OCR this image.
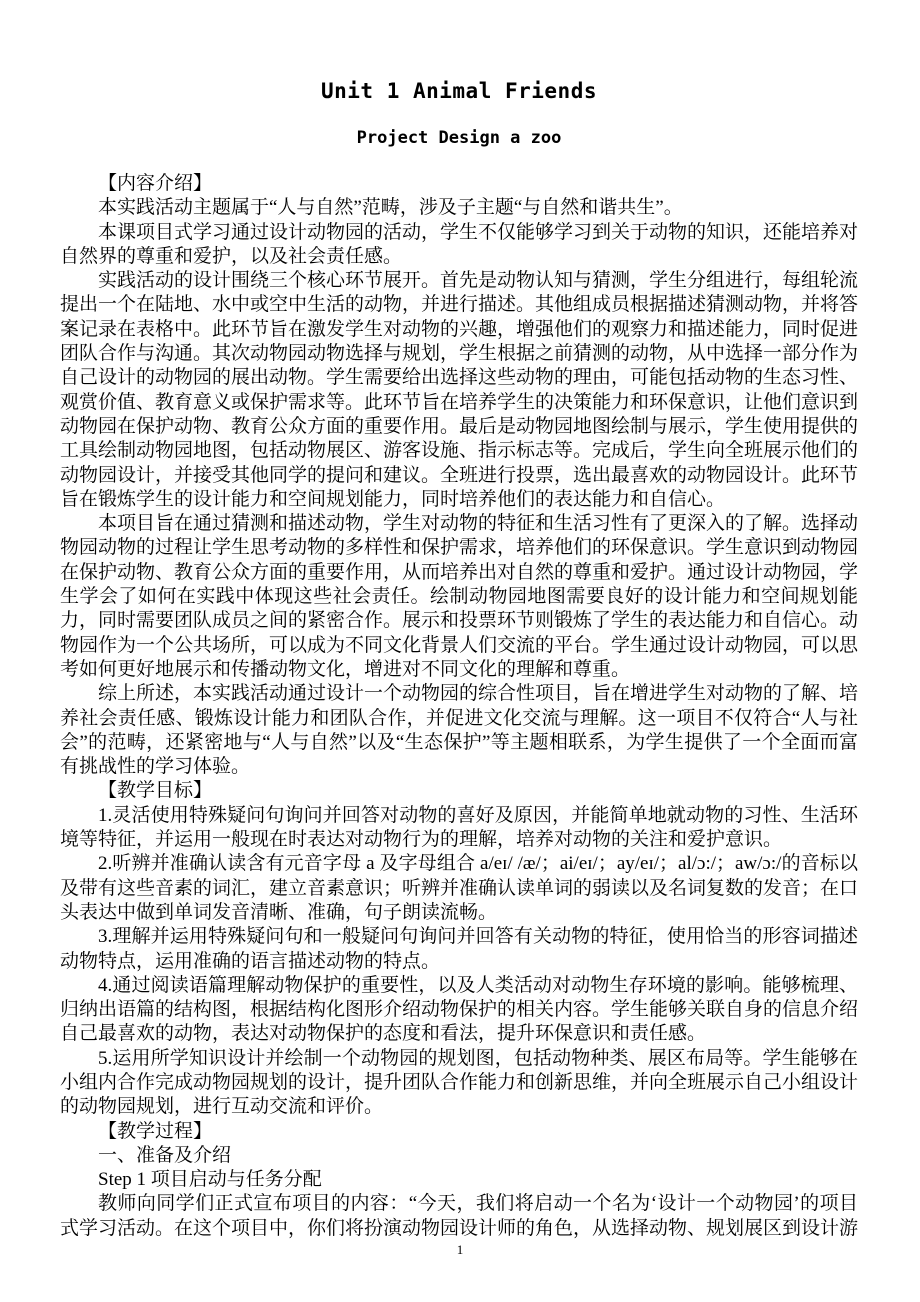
Unit 1 Animal Friends
Project Design a zoo

【内容介绍】

本实践活动主题属于“人与自然”范畴，涉及子主题“与自然和谐共生”。

本课项目式学习通过设计动物园的活动，学生不仅能够学习到关于动物的知识，还能培养对自然界的尊重和爱护，以及社会责任感。

实践活动的设计围绕三个核心环节展开。首先是动物认知与猜测，学生分组进行，每组轮流提出一个在陆地、水中或空中生活的动物，并进行描述。其他组成员根据描述猜测动物，并将答案记录在表格中。此环节旨在激发学生对动物的兴趣，增强他们的观察力和描述能力，同时促进团队合作与沟通。其次动物园动物选择与规划，学生根据之前猜测的动物，从中选择一部分作为自己设计的动物园的展出动物。学生需要给出选择这些动物的理由，可能包括动物的生态习性、观赏价值、教育意义或保护需求等。此环节旨在培养学生的决策能力和环保意识，让他们意识到动物园在保护动物、教育公众方面的重要作用。最后是动物园地图绘制与展示，学生使用提供的工具绘制动物园地图，包括动物展区、游客设施、指示标志等。完成后，学生向全班展示他们的动物园设计，并接受其他同学的提问和建议。全班进行投票，选出最喜欢的动物园设计。此环节旨在锻炼学生的设计能力和空间规划能力，同时培养他们的表达能力和自信心。

本项目旨在通过猜测和描述动物，学生对动物的特征和生活习性有了更深入的了解。选择动物园动物的过程让学生思考动物的多样性和保护需求，培养他们的环保意识。学生意识到动物园在保护动物、教育公众方面的重要作用，从而培养出对自然的尊重和爱护。通过设计动物园，学生学会了如何在实践中体现这些社会责任。绘制动物园地图需要良好的设计能力和空间规划能力，同时需要团队成员之间的紧密合作。展示和投票环节则锻炼了学生的表达能力和自信心。动物园作为一个公共场所，可以成为不同文化背景人们交流的平台。学生通过设计动物园，可以思考如何更好地展示和传播动物文化，增进对不同文化的理解和尊重。

综上所述，本实践活动通过设计一个动物园的综合性项目，旨在增进学生对动物的了解、培养社会责任感、锻炼设计能力和团队合作，并促进文化交流与理解。这一项目不仅符合“人与社会”的范畴，还紧密地与“人与自然”以及“生态保护”等主题相联系，为学生提供了一个全面而富有挑战性的学习体验。

【教学目标】

1.灵活使用特殊疑问句询问并回答对动物的喜好及原因，并能简单地就动物的习性、生活环境等特征，并运用一般现在时表达对动物行为的理解，培养对动物的关注和爱护意识。

2.听辨并准确认读含有元音字母 a 及字母组合 a/eɪ/ /æ/；ai/eɪ/；ay/eɪ/；al/ɔ:/；aw/ɔ:/的音标以及带有这些音素的词汇，建立音素意识；听辨并准确认读单词的弱读以及名词复数的发音；在口头表达中做到单词发音清晰、准确，句子朗读流畅。

3.理解并运用特殊疑问句和一般疑问句询问并回答有关动物的特征，使用恰当的形容词描述动物特点，运用准确的语言描述动物的特点。

4.通过阅读语篇理解动物保护的重要性，以及人类活动对动物生存环境的影响。能够梳理、归纳出语篇的结构图，根据结构化图形介绍动物保护的相关内容。学生能够关联自身的信息介绍自己最喜欢的动物，表达对动物保护的态度和看法，提升环保意识和责任感。

5.运用所学知识设计并绘制一个动物园的规划图，包括动物种类、展区布局等。学生能够在小组内合作完成动物园规划的设计，提升团队合作能力和创新思维，并向全班展示自己小组设计的动物园规划，进行互动交流和评价。

【教学过程】

一、准备及介绍

Step 1 项目启动与任务分配

教师向同学们正式宣布项目的内容：“今天，我们将启动一个名为‘设计一个动物园’的项目式学习活动。在这个项目中，你们将扮演动物园设计师的角色，从选择动物、规划展区到设计游

1
